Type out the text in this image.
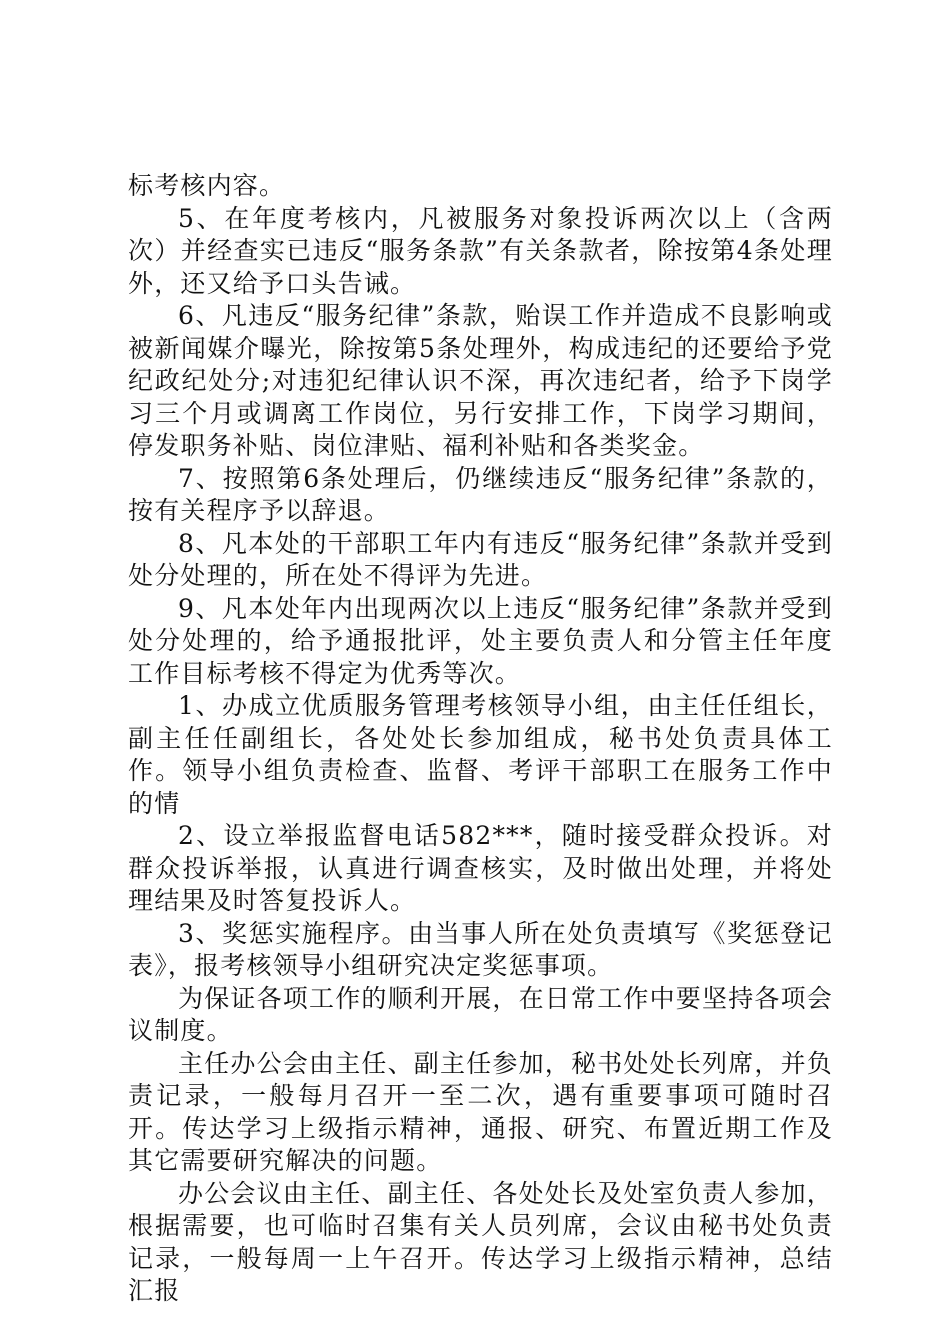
标考核内容。

5、在年度考核内，凡被服务对象投诉两次以上（含两次）并经查实已违反“服务条款”有关条款者，除按第4条处理外，还又给予口头告诫。

6、凡违反“服务纪律”条款，贻误工作并造成不良影响或被新闻媒介曝光，除按第5条处理外，构成违纪的还要给予党纪政纪处分;对违犯纪律认识不深，再次违纪者，给予下岗学习三个月或调离工作岗位，另行安排工作，下岗学习期间，停发职务补贴、岗位津贴、福利补贴和各类奖金。

7、按照第6条处理后，仍继续违反“服务纪律”条款的，按有关程序予以辞退。

8、凡本处的干部职工年内有违反“服务纪律”条款并受到处分处理的，所在处不得评为先进。

9、凡本处年内出现两次以上违反“服务纪律”条款并受到处分处理的，给予通报批评，处主要负责人和分管主任年度工作目标考核不得定为优秀等次。

1、办成立优质服务管理考核领导小组，由主任任组长，副主任任副组长，各处处长参加组成，秘书处负责具体工作。领导小组负责检查、监督、考评干部职工在服务工作中的情

2、设立举报监督电话582***，随时接受群众投诉。对群众投诉举报，认真进行调查核实，及时做出处理，并将处理结果及时答复投诉人。

3、奖惩实施程序。由当事人所在处负责填写《奖惩登记表》，报考核领导小组研究决定奖惩事项。

为保证各项工作的顺利开展，在日常工作中要坚持各项会议制度。

主任办公会由主任、副主任参加，秘书处处长列席，并负责记录，一般每月召开一至二次，遇有重要事项可随时召开。传达学习上级指示精神，通报、研究、布置近期工作及其它需要研究解决的问题。

办公会议由主任、副主任、各处处长及处室负责人参加，根据需要，也可临时召集有关人员列席，会议由秘书处负责记录，一般每周一上午召开。传达学习上级指示精神，总结汇报
